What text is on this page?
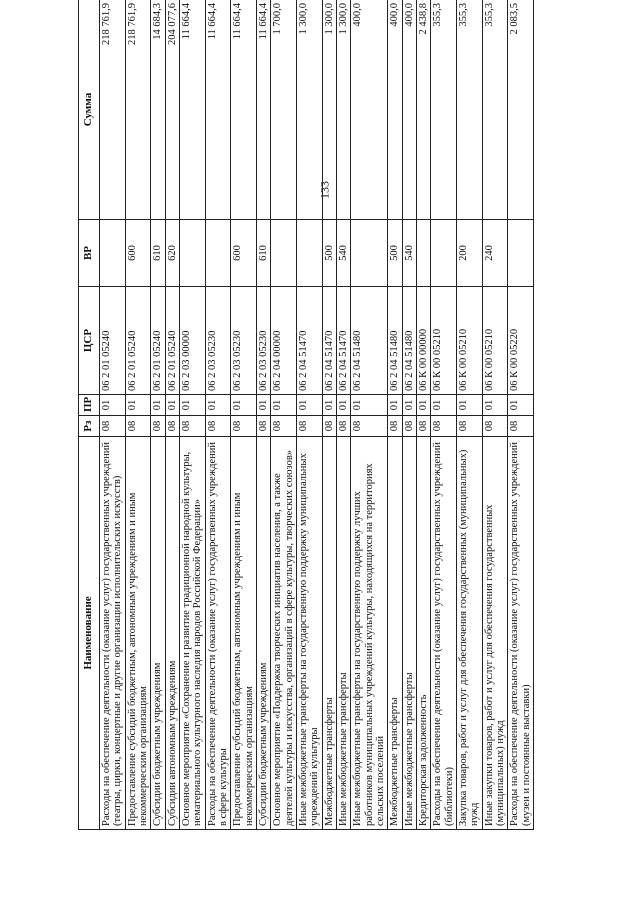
133
Наименование	Рз	ПР	ЦСР	ВР	Сумма
Расходы на обеспечение деятельности (оказание услуг) государственных учреждений (театры, цирки, концертные и другие организации исполнительских искусств)	08	01	06 2 01 05240		218 761,9
Предоставление субсидий бюджетным, автономным учреждениям и иным некоммерческим организациям	08	01	06 2 01 05240	600	218 761,9
Субсидии бюджетным учреждениям	08	01	06 2 01 05240	610	14 684,3
Субсидии автономным учреждениям	08	01	06 2 01 05240	620	204 077,6
Основное мероприятие «Сохранение и развитие традиционной народной культуры, нематериального культурного наследия народов Российской Федерации»	08	01	06 2 03 00000		11 664,4
Расходы на обеспечение деятельности (оказание услуг) государственных учреждений в сфере культуры	08	01	06 2 03 05230		11 664,4
Предоставление субсидий бюджетным, автономным учреждениям и иным некоммерческим организациям	08	01	06 2 03 05230	600	11 664,4
Субсидии бюджетным учреждениям	08	01	06 2 03 05230	610	11 664,4
Основное мероприятие «Поддержка творческих инициатив населения, а также деятелей культуры и искусства, организаций в сфере культуры, творческих союзов»	08	01	06 2 04 00000		1 700,0
Иные межбюджетные трансферты на государственную поддержку муниципальных учреждений культуры	08	01	06 2 04 51470		1 300,0
Межбюджетные трансферты	08	01	06 2 04 51470	500	1 300,0
Иные межбюджетные трансферты	08	01	06 2 04 51470	540	1 300,0
Иные межбюджетные трансферты на государственную поддержку лучших работников муниципальных учреждений культуры, находящихся на территориях сельских поселений	08	01	06 2 04 51480		400,0
Межбюджетные трансферты	08	01	06 2 04 51480	500	400,0
Иные межбюджетные трансферты	08	01	06 2 04 51480	540	400,0
Кредиторская задолженность	08	01	06 К 00 00000		2 438,8
Расходы на обеспечение деятельности (оказание услуг) государственных учреждений (библиотеки)	08	01	06 К 00 05210		355,3
Закупка товаров, работ и услуг для обеспечения государственных (муниципальных) нужд	08	01	06 К 00 05210	200	355,3
Иные закупки товаров, работ и услуг для обеспечения государственных (муниципальных) нужд	08	01	06 К 00 05210	240	355,3
Расходы на обеспечение деятельности (оказание услуг) государственных учреждений (музеи и постоянные выставки)	08	01	06 К 00 05220		2 083,5
